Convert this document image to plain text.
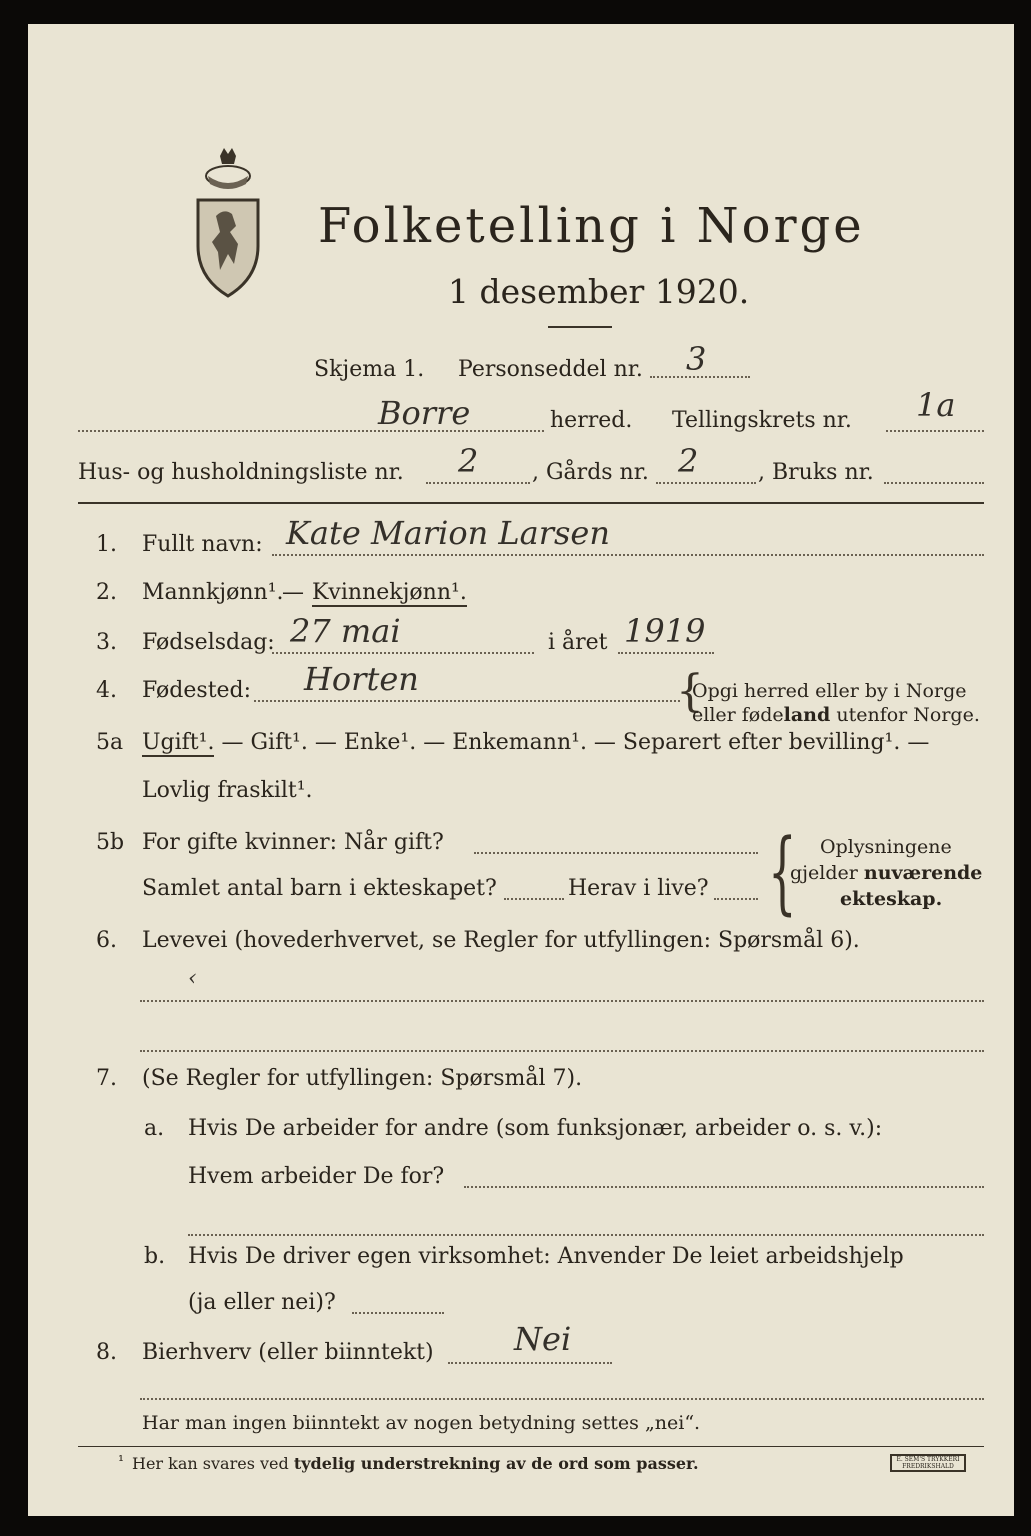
Folketelling i Norge
1 desember 1920.
Skjema 1. Personseddel nr. 3
Borre	herred. Tellingskrets nr. 1a
Hus- og husholdningsliste nr. 2 , Gårds nr. 2	, Bruks nr.
1. Fullt navn: Kate Marion Larsen
2. Mannkjønn¹.
— Kvinnekjønn¹.
3. Fødselsdag: 27 mai	i året 1919
4. Fødested: Horten	{
Opgi herred eller by i Norge
eller fødeland utenfor Norge.
5a Ugift¹. — Gift¹. — Enke¹. — Enkemann¹. — Separert efter bevilling¹. —
Lovlig fraskilt¹.
5b For gifte kvinner: Når gift?
Samlet antal barn i ekteskapet?	Herav i live? { Oplysningene
gjelder nuværende
ekteskap.
6. Levevei (hovederhvervet, se Regler for utfyllingen: Spørsmål 6).
‹
7. (Se Regler for utfyllingen: Spørsmål 7).
a. Hvis De arbeider for andre (som funksjonær, arbeider o. s. v.):
Hvem arbeider De for?
b. Hvis De driver egen virksomhet: Anvender De leiet arbeidshjelp
(ja eller nei)?
8. Bierhverv (eller biinntekt)	Nei
Har man ingen biinntekt av nogen betydning settes „nei“.
¹ Her kan svares ved tydelig understrekning av de ord som passer.	E. SEM'S TRYKKERI FREDRIKSHALD
